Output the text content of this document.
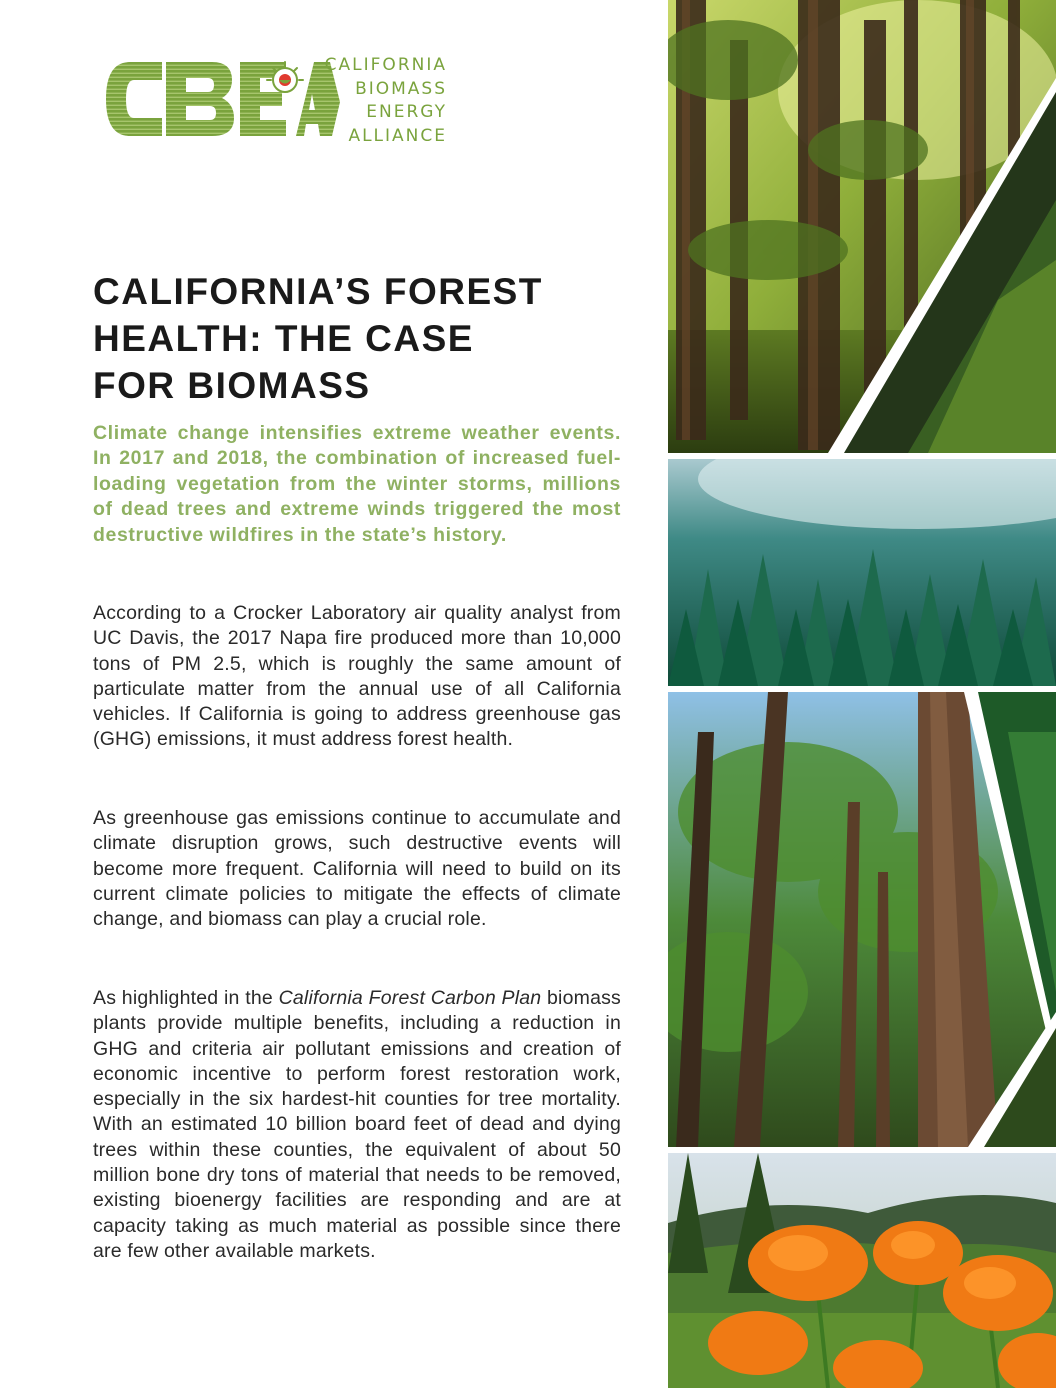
CALIFORNIA
BIOMASS
ENERGY
ALLIANCE
CALIFORNIA’S FOREST
HEALTH: THE CASE
FOR BIOMASS

Climate change intensifies extreme weather events. In 2017 and 2018, the combination of increased fuel-loading vegetation from the winter storms, millions of dead trees and extreme winds triggered the most destructive wildfires in the state’s history.

According to a Crocker Laboratory air quality analyst from UC Davis, the 2017 Napa fire produced more than 10,000 tons of PM 2.5, which is roughly the same amount of particulate matter from the annual use of all California vehicles. If California is going to address greenhouse gas (GHG) emissions, it must address forest health.

As greenhouse gas emissions continue to accumulate and climate disruption grows, such destructive events will become more frequent. California will need to build on its current climate policies to mitigate the effects of climate change, and biomass can play a crucial role.

As highlighted in the California Forest Carbon Plan biomass plants provide multiple benefits, including a reduction in GHG and criteria air pollutant emissions and creation of economic incentive to perform forest restoration work, especially in the six hardest-hit counties for tree mortality. With an estimated 10 billion board feet of dead and dying trees within these counties, the equivalent of about 50 million bone dry tons of material that needs to be removed, existing bioenergy facilities are responding and are at capacity taking as much material as possible since there are few other available markets.
